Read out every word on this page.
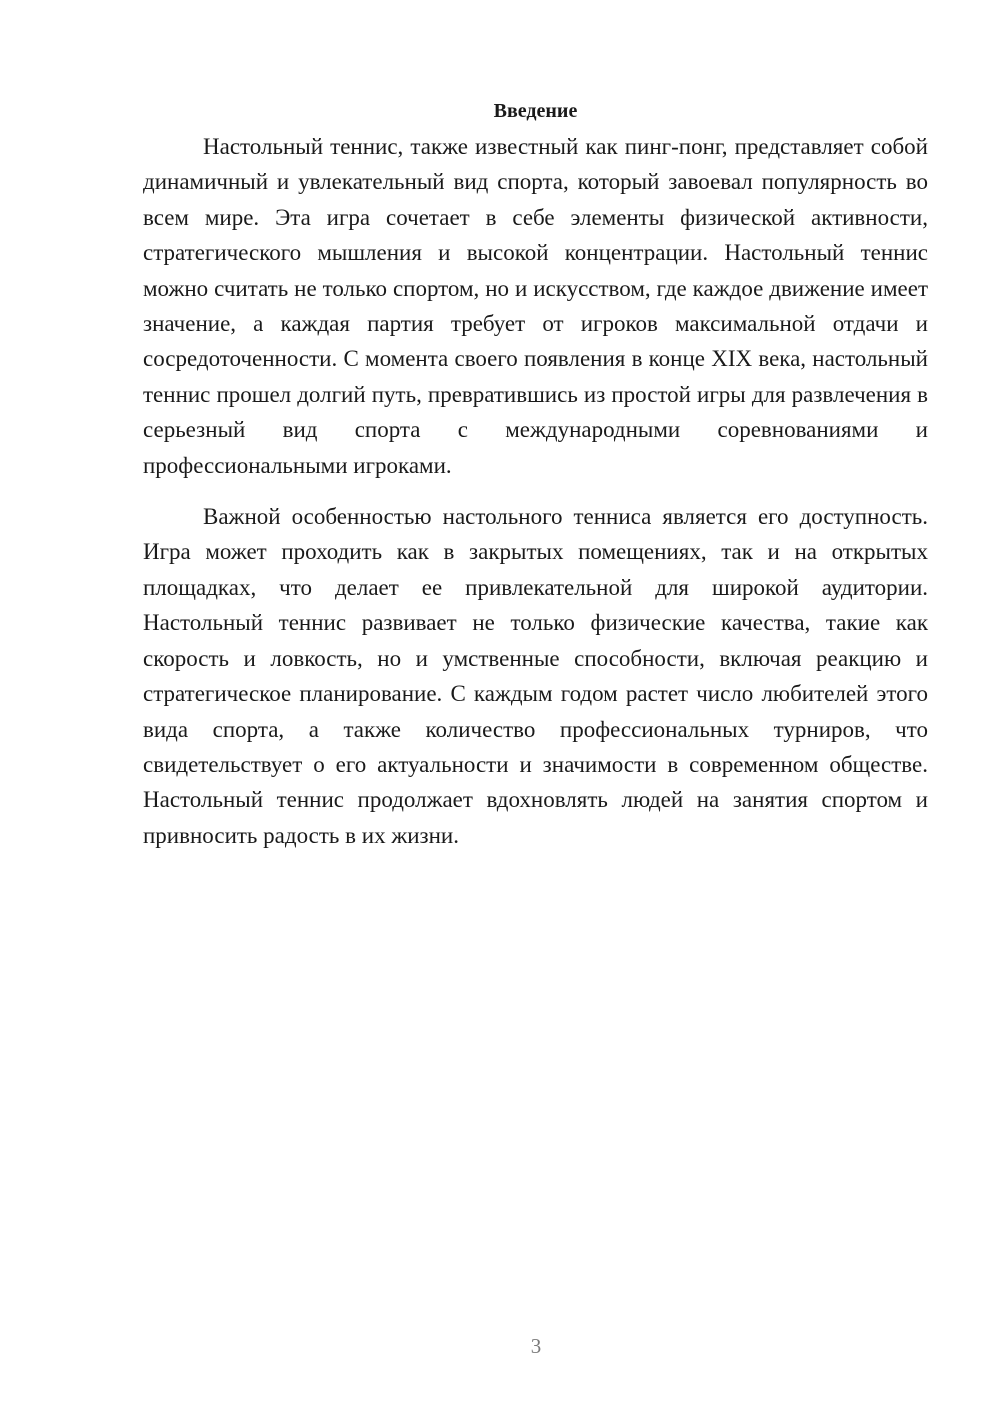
Введение

Настольный теннис, также известный как пинг-понг, представляет собой динамичный и увлекательный вид спорта, который завоевал популярность во всем мире. Эта игра сочетает в себе элементы физической активности, стратегического мышления и высокой концентрации. Настольный теннис можно считать не только спортом, но и искусством, где каждое движение имеет значение, а каждая партия требует от игроков максимальной отдачи и сосредоточенности. С момента своего появления в конце XIX века, настольный теннис прошел долгий путь, превратившись из простой игры для развлечения в серьезный вид спорта с международными соревнованиями и профессиональными игроками.

Важной особенностью настольного тенниса является его доступность. Игра может проходить как в закрытых помещениях, так и на открытых площадках, что делает ее привлекательной для широкой аудитории. Настольный теннис развивает не только физические качества, такие как скорость и ловкость, но и умственные способности, включая реакцию и стратегическое планирование. С каждым годом растет число любителей этого вида спорта, а также количество профессиональных турниров, что свидетельствует о его актуальности и значимости в современном обществе. Настольный теннис продолжает вдохновлять людей на занятия спортом и привносить радость в их жизни.

3
